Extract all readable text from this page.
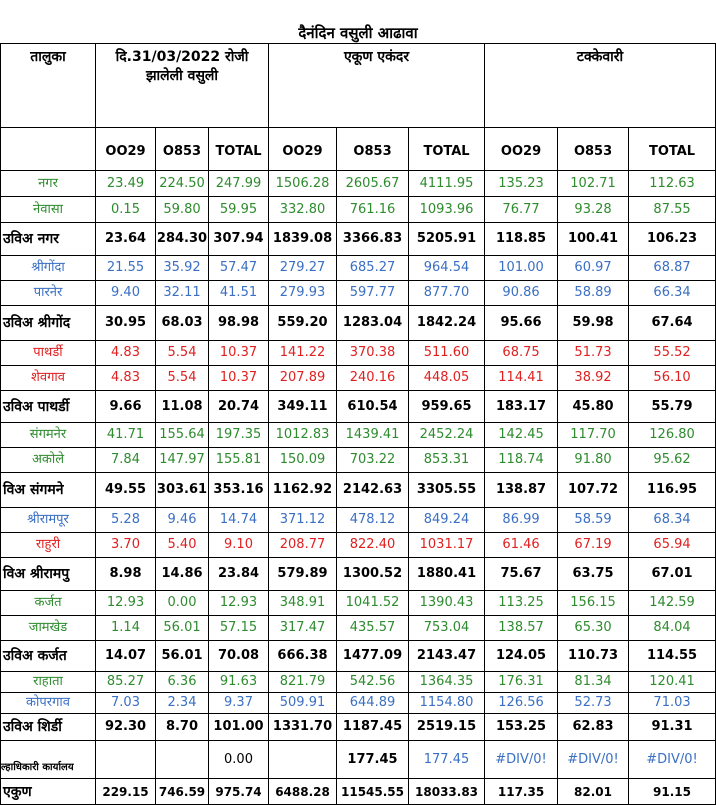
दैनंदिन वसुली आढावा
तालुका	दि.31/03/2022 रोजी झालेली वसुली			एकूण एकंदर			टक्केवारी		
	OO29	O853	TOTAL	OO29	O853	TOTAL	OO29	O853	TOTAL
नगर	23.49	224.50	247.99	1506.28	2605.67	4111.95	135.23	102.71	112.63
नेवासा	0.15	59.80	59.95	332.80	761.16	1093.96	76.77	93.28	87.55
उविअ नगर	23.64	284.30	307.94	1839.08	3366.83	5205.91	118.85	100.41	106.23
श्रीगोंदा	21.55	35.92	57.47	279.27	685.27	964.54	101.00	60.97	68.87
पारनेर	9.40	32.11	41.51	279.93	597.77	877.70	90.86	58.89	66.34
उविअ श्रीगोंद	30.95	68.03	98.98	559.20	1283.04	1842.24	95.66	59.98	67.64
पाथर्डी	4.83	5.54	10.37	141.22	370.38	511.60	68.75	51.73	55.52
शेवगाव	4.83	5.54	10.37	207.89	240.16	448.05	114.41	38.92	56.10
उविअ पाथर्डी	9.66	11.08	20.74	349.11	610.54	959.65	183.17	45.80	55.79
संगमनेर	41.71	155.64	197.35	1012.83	1439.41	2452.24	142.45	117.70	126.80
अकोले	7.84	147.97	155.81	150.09	703.22	853.31	118.74	91.80	95.62
विअ संगमने	49.55	303.61	353.16	1162.92	2142.63	3305.55	138.87	107.72	116.95
श्रीरामपूर	5.28	9.46	14.74	371.12	478.12	849.24	86.99	58.59	68.34
राहुरी	3.70	5.40	9.10	208.77	822.40	1031.17	61.46	67.19	65.94
विअ श्रीरामपु	8.98	14.86	23.84	579.89	1300.52	1880.41	75.67	63.75	67.01
कर्जत	12.93	0.00	12.93	348.91	1041.52	1390.43	113.25	156.15	142.59
जामखेड	1.14	56.01	57.15	317.47	435.57	753.04	138.57	65.30	84.04
उविअ कर्जत	14.07	56.01	70.08	666.38	1477.09	2143.47	124.05	110.73	114.55
राहाता	85.27	6.36	91.63	821.79	542.56	1364.35	176.31	81.34	120.41
कोपरगाव	7.03	2.34	9.37	509.91	644.89	1154.80	126.56	52.73	71.03
उविअ शिर्डी	92.30	8.70	101.00	1331.70	1187.45	2519.15	153.25	62.83	91.31
ल्हाधिकारी कार्यालय			0.00		177.45	177.45	#DIV/0!	#DIV/0!	#DIV/0!
एकुण	229.15	746.59	975.74	6488.28	11545.55	18033.83	117.35	82.01	91.15
